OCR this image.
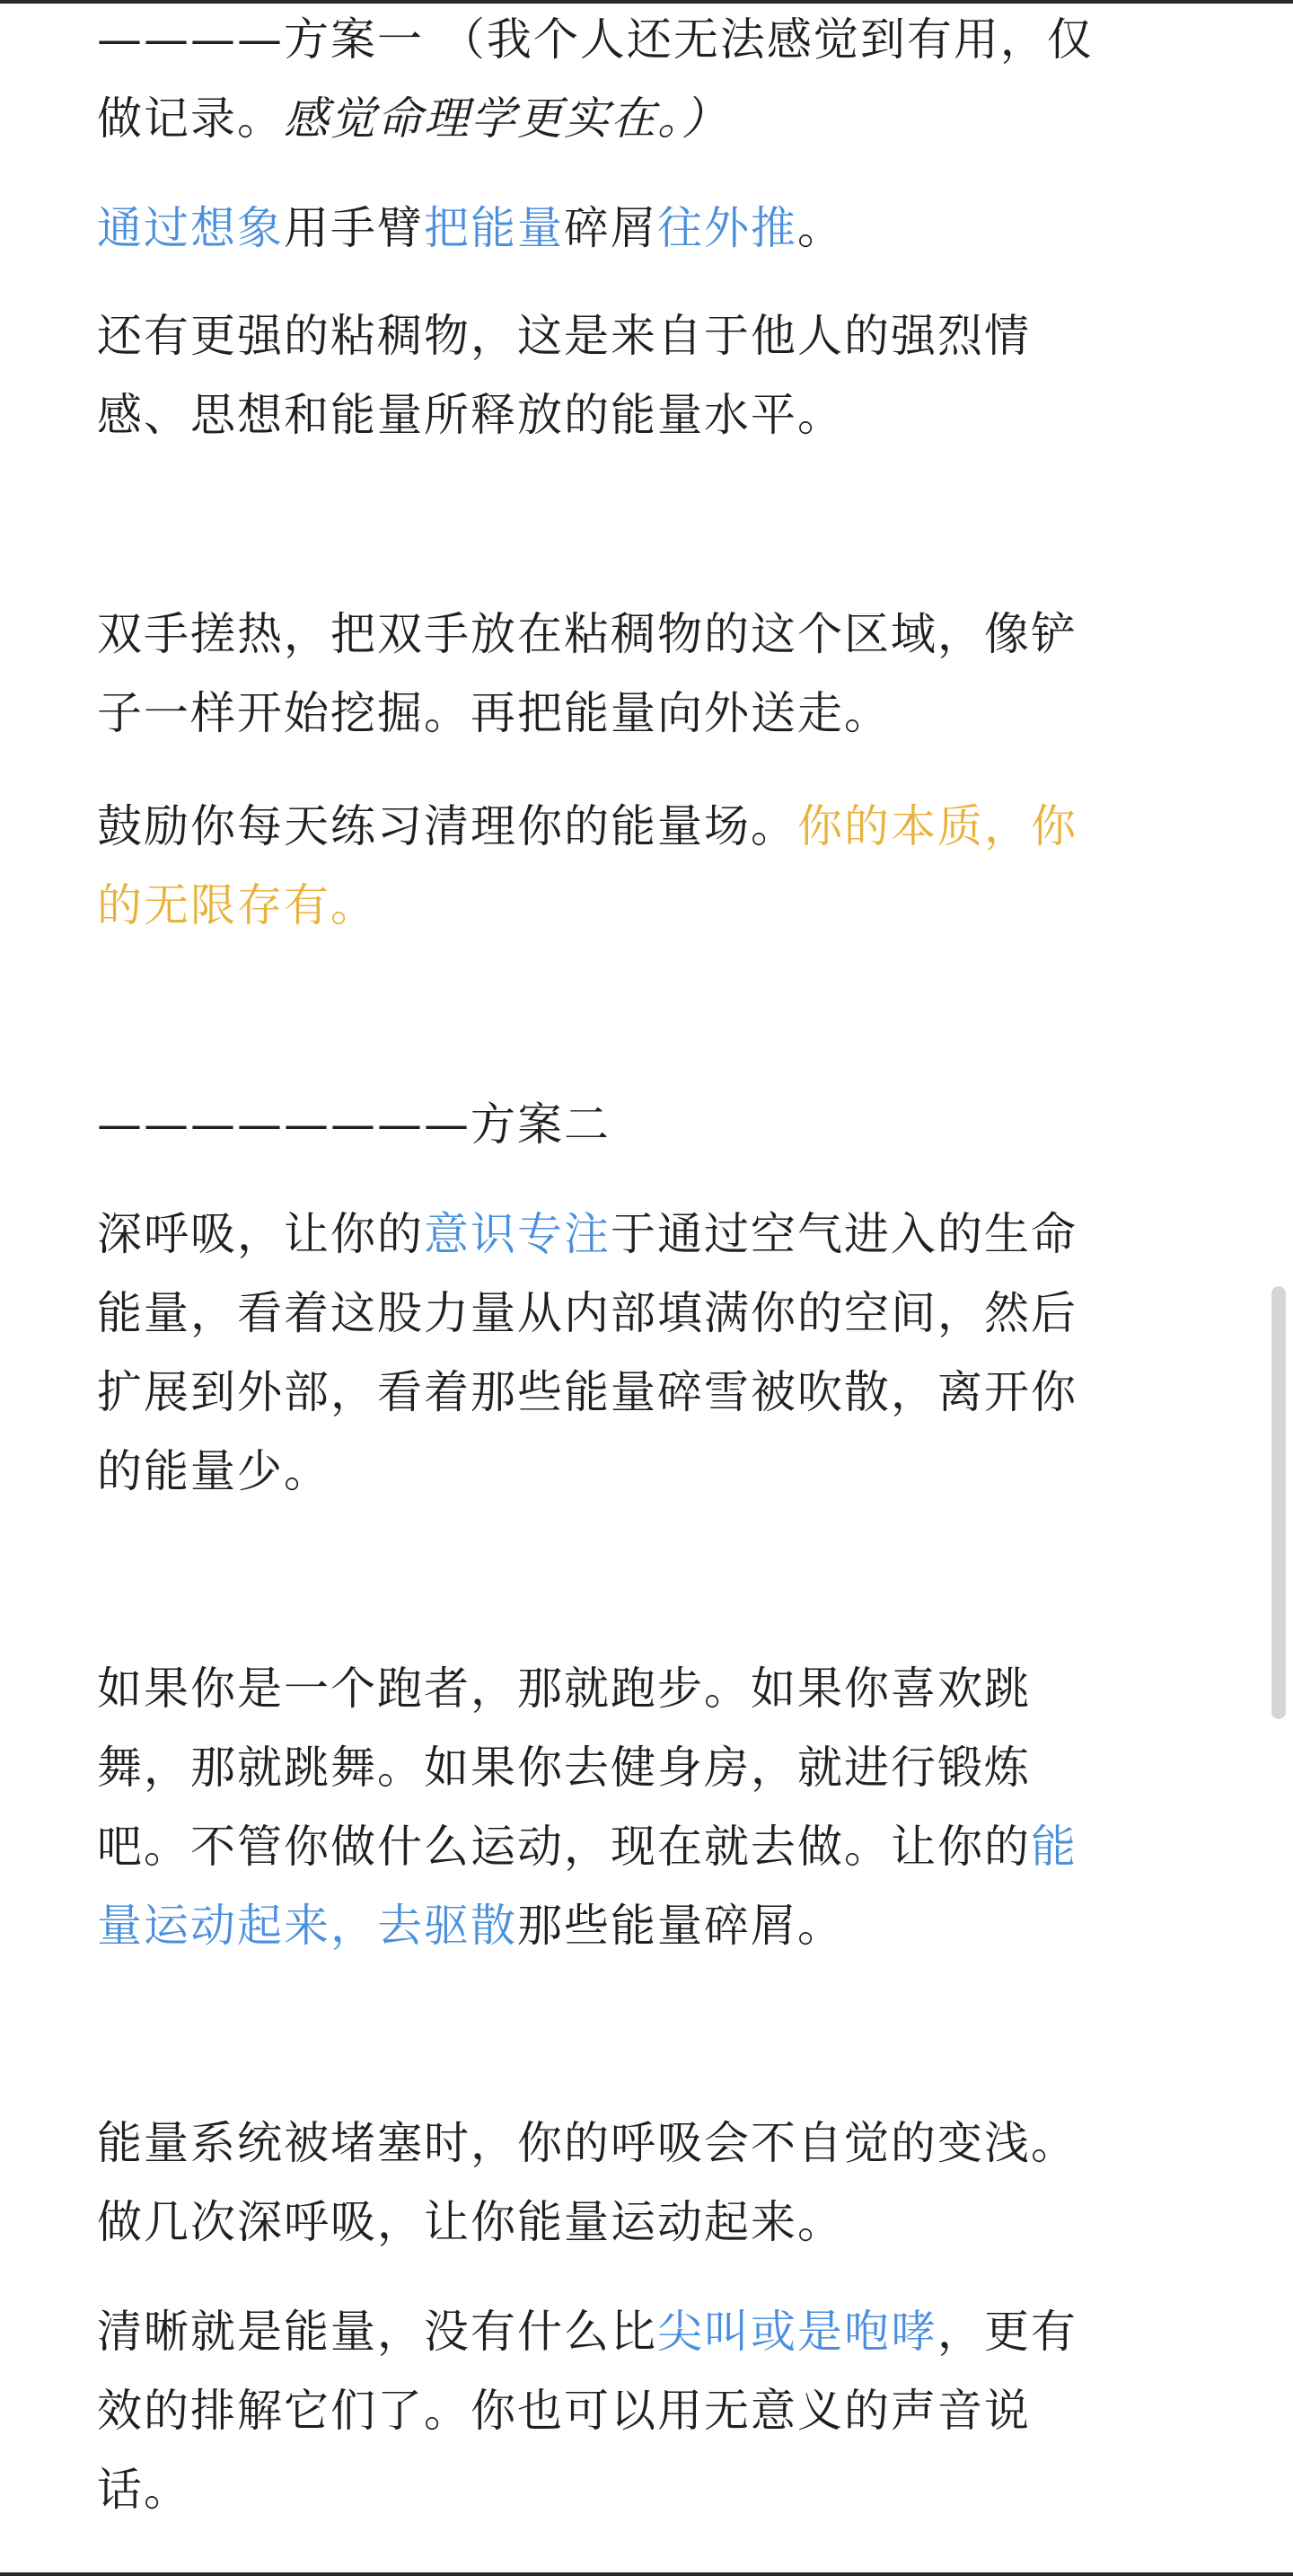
————方案一 （我个人还无法感觉到有用，仅
做记录。感觉命理学更实在。）

通过想象用手臂把能量碎屑往外推。

还有更强的粘稠物，这是来自于他人的强烈情
感、思想和能量所释放的能量水平。

双手搓热，把双手放在粘稠物的这个区域，像铲
子一样开始挖掘。再把能量向外送走。

鼓励你每天练习清理你的能量场。你的本质，你
的无限存有。

————————方案二

深呼吸，让你的意识专注于通过空气进入的生命
能量，看着这股力量从内部填满你的空间，然后
扩展到外部，看着那些能量碎雪被吹散，离开你
的能量少。

如果你是一个跑者，那就跑步。如果你喜欢跳
舞，那就跳舞。如果你去健身房，就进行锻炼
吧。不管你做什么运动，现在就去做。让你的能
量运动起来，去驱散那些能量碎屑。

能量系统被堵塞时，你的呼吸会不自觉的变浅。
做几次深呼吸，让你能量运动起来。

清晰就是能量，没有什么比尖叫或是咆哮，更有
效的排解它们了。你也可以用无意义的声音说
话。
